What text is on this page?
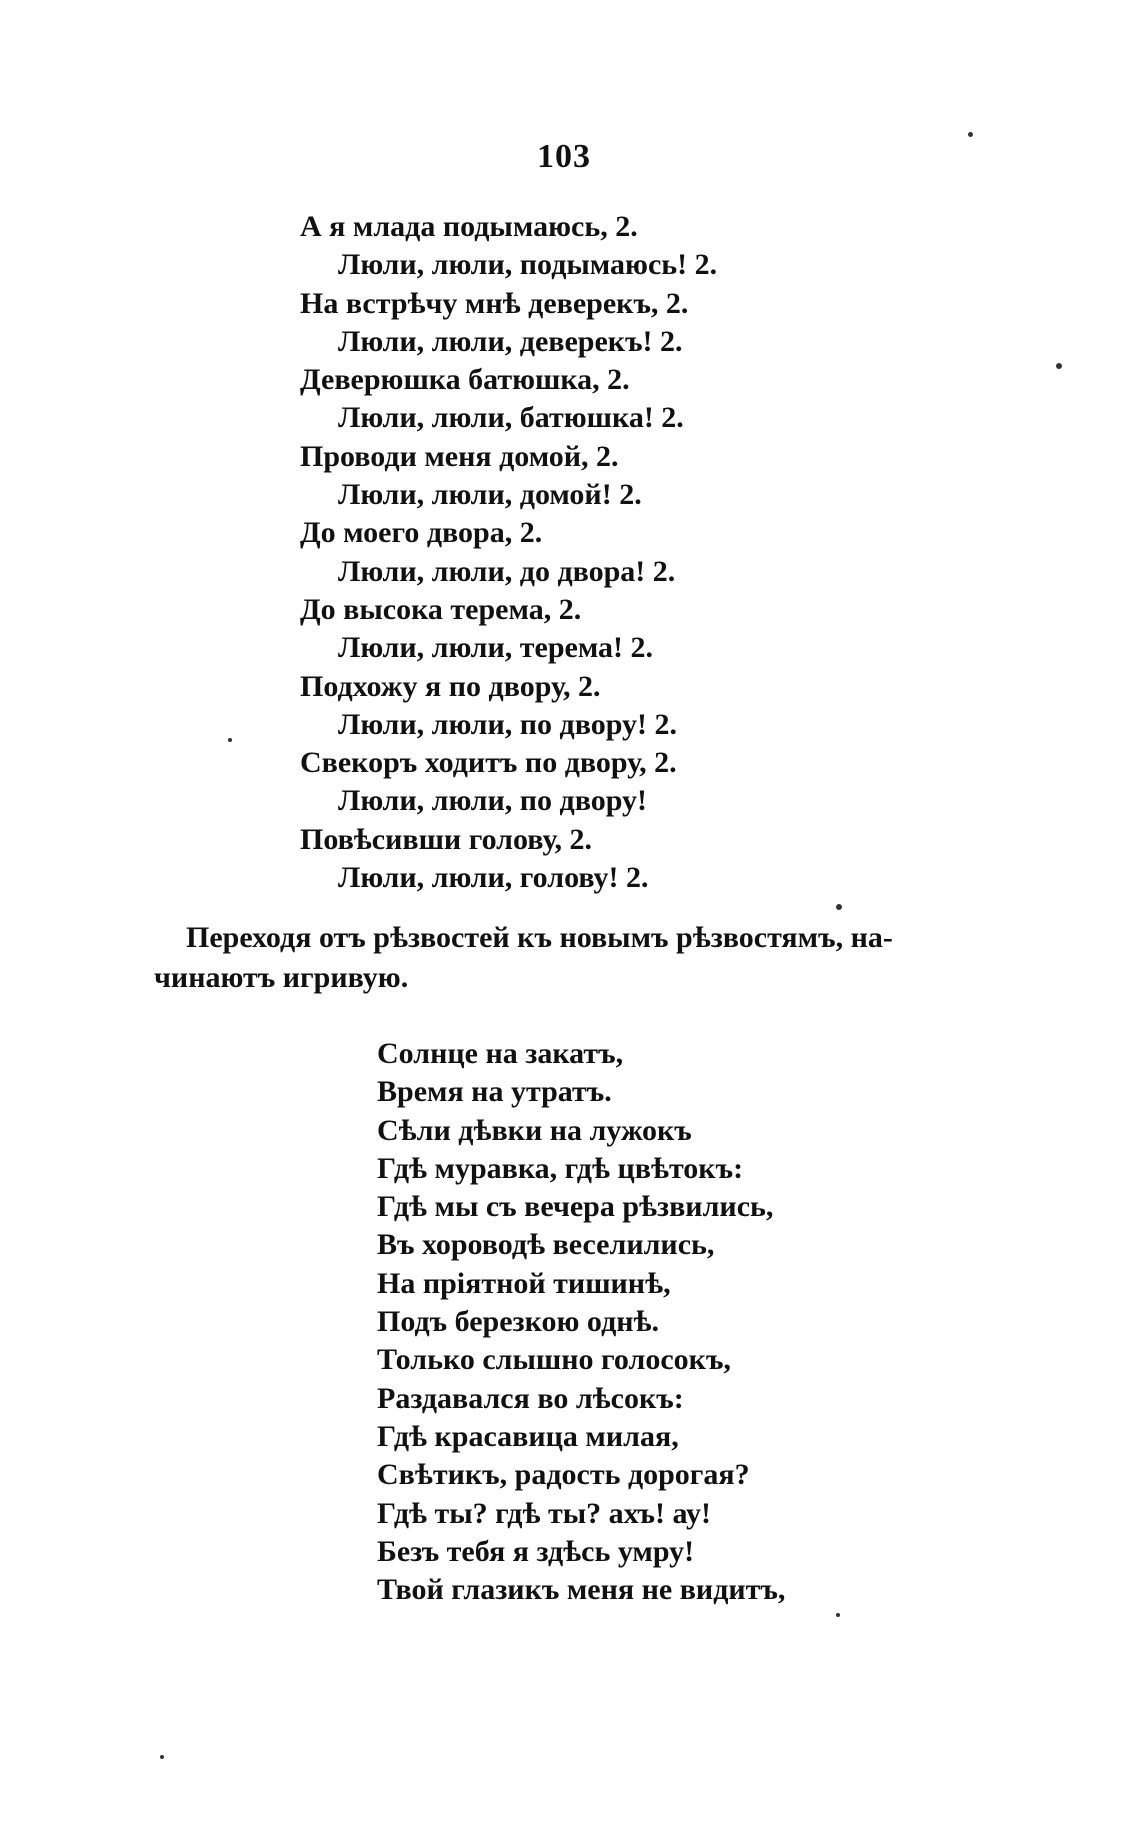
103
А я млада подымаюсь, 2.
Люли, люли, подымаюсь! 2.
На встрѣчу мнѣ деверекъ, 2.
Люли, люли, деверекъ! 2.
Деверюшка батюшка, 2.
Люли, люли, батюшка! 2.
Проводи меня домой, 2.
Люли, люли, домой! 2.
До моего двора, 2.
Люли, люли, до двора! 2.
До высока терема, 2.
Люли, люли, терема! 2.
Подхожу я по двору, 2.
Люли, люли, по двору! 2.
Свекоръ ходитъ по двору, 2.
Люли, люли, по двору!
Повѣсивши голову, 2.
Люли, люли, голову! 2.
Переходя отъ рѣзвостей къ новымъ рѣзвостямъ, на-
чинаютъ игривую.
Солнце на закатъ,
Время на утратъ.
Сѣли дѣвки на лужокъ
Гдѣ муравка, гдѣ цвѣтокъ:
Гдѣ мы съ вечера рѣзвились,
Въ хороводѣ веселились,
На пріятной тишинѣ,
Подъ березкою однѣ.
Только слышно голосокъ,
Раздавался во лѣсокъ:
Гдѣ красавица милая,
Свѣтикъ, радость дорогая?
Гдѣ ты? гдѣ ты? ахъ! ау!
Безъ тебя я здѣсь умру!
Твой глазикъ меня не видитъ,
